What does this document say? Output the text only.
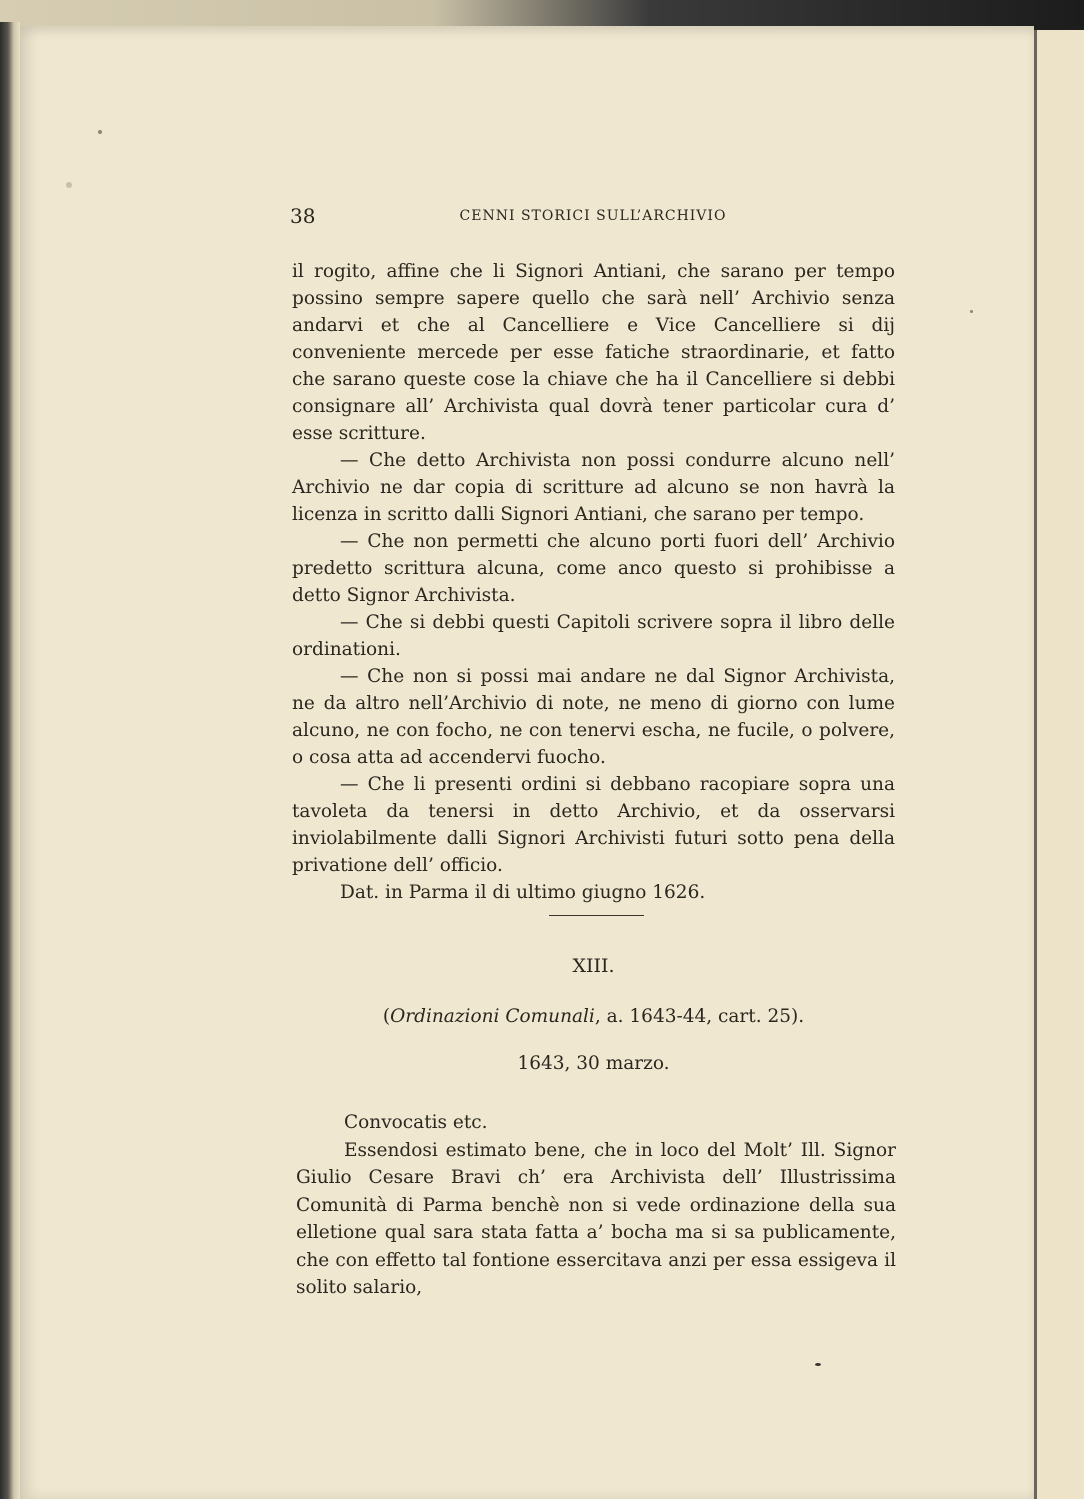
38	CENNI STORICI SULL’ARCHIVIO

il rogito, affine che li Signori Antiani, che sarano per tempo possino sempre sapere quello che sarà nell’ Archivio senza andarvi et che al Cancelliere e Vice Cancelliere si dij conveniente mercede per esse fatiche straordinarie, et fatto che sarano queste cose la chiave che ha il Cancelliere si debbi consignare all’ Archivista qual dovrà tener particolar cura d’ esse scritture.

— Che detto Archivista non possi condurre alcuno nell’ Archivio ne dar copia di scritture ad alcuno se non havrà la licenza in scritto dalli Signori Antiani, che sarano per tempo.

— Che non permetti che alcuno porti fuori dell’ Archivio predetto scrittura alcuna, come anco questo si prohibisse a detto Signor Archivista.

— Che si debbi questi Capitoli scrivere sopra il libro delle ordinationi.

— Che non si possi mai andare ne dal Signor Archivista, ne da altro nell’Archivio di note, ne meno di giorno con lume alcuno, ne con focho, ne con tenervi escha, ne fucile, o polvere, o cosa atta ad accendervi fuocho.

— Che li presenti ordini si debbano racopiare sopra una tavoleta da tenersi in detto Archivio, et da osservarsi inviolabilmente dalli Signori Archivisti futuri sotto pena della privatione dell’ officio.

Dat. in Parma il di ultimo giugno 1626.

XIII.
(Ordinazioni Comunali, a. 1643-44, cart. 25).
1643, 30 marzo.

Convocatis etc.

Essendosi estimato bene, che in loco del Molt’ Ill. Signor Giulio Cesare Bravi ch’ era Archivista dell’ Illustrissima Comunità di Parma benchè non si vede ordinazione della sua elletione qual sara stata fatta a’ bocha ma si sa publicamente, che con effetto tal fontione essercitava anzi per essa essigeva il solito salario,
